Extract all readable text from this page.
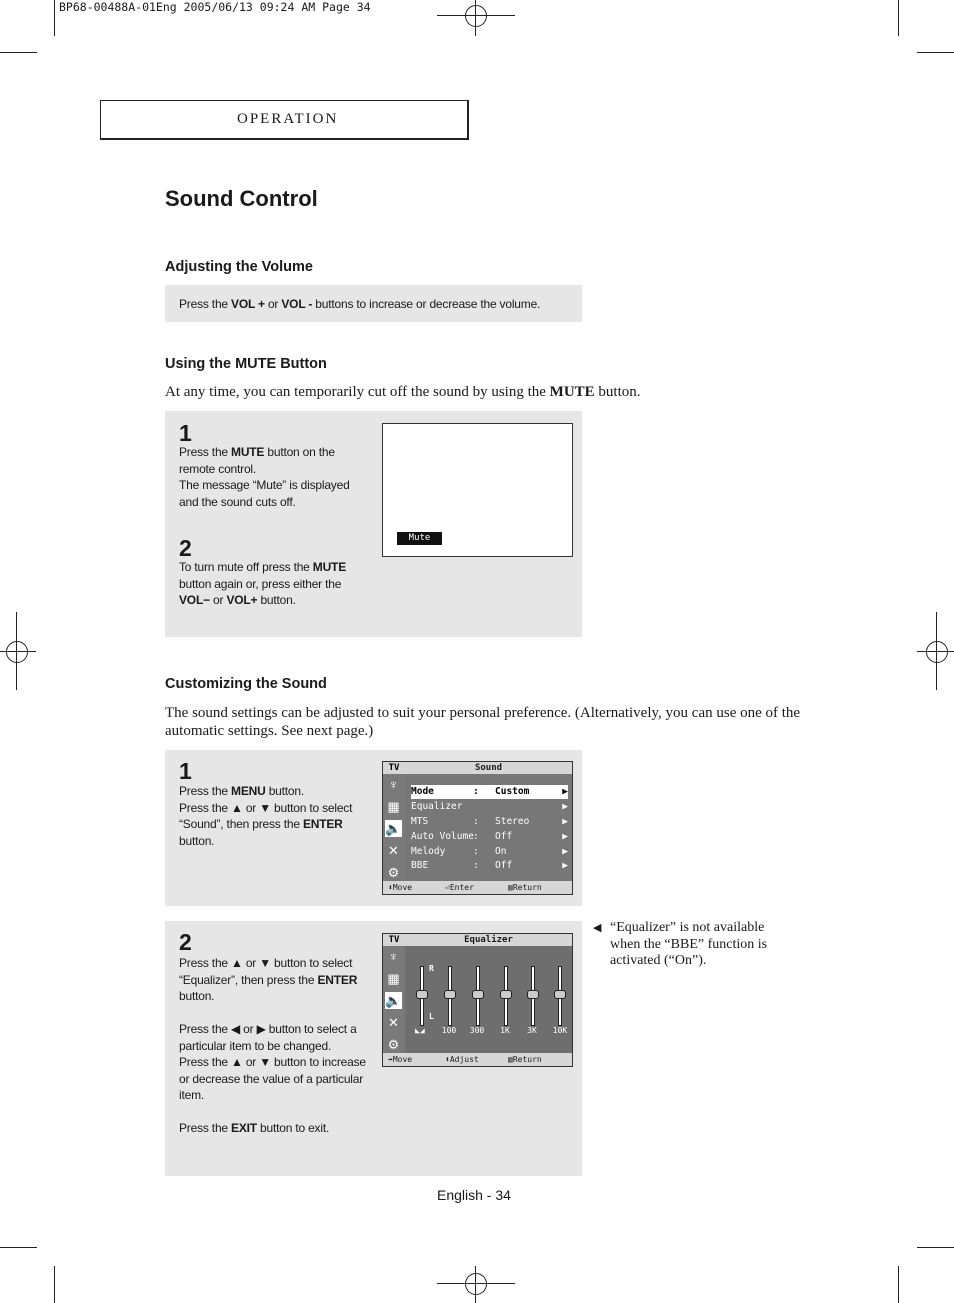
BP68-00488A-01Eng 2005/06/13 09:24 AM Page 34
OPERATION
Sound Control
Adjusting the Volume
Press the VOL + or VOL - buttons to increase or decrease the volume.
Using the MUTE Button
At any time, you can temporarily cut off the sound by using the MUTE button.
1
Press the MUTE button on the remote control.
The message “Mute” is displayed and the sound cuts off.
2
To turn mute off press the MUTE button again or, press either the VOL− or VOL+ button.
Mute
Customizing the Sound
The sound settings can be adjusted to suit your personal preference. (Alternatively, you can use one of the automatic settings. See next page.)
1
Press the MENU button.
Press the ▲ or ▼ button to select “Sound”, then press the ENTER button.
TV
♆
▦
🔈
✕
⚙
Sound
Mode	: Custom	▶
Equalizer	▶
MTS	: Stereo	▶
Auto Volume : Off	▶
Melody	: On	▶
BBE	: Off	▶
⬍Move	⏎Enter	▥Return
2
Press the ▲ or ▼ button to select “Equalizer”, then press the ENTER button.

Press the ◀ or ▶ button to select a particular item to be changed.
Press the ▲ or ▼ button to increase or decrease the value of a particular item.

Press the EXIT button to exit.
TV
♆
▦
🔈
✕
⚙
Equalizer
R
L
◣◢	100	300	1K	3K	10K
⬌Move	⬍Adjust	▥Return
◀ “Equalizer” is not available when the “BBE” function is activated (“On”).
English - 34
